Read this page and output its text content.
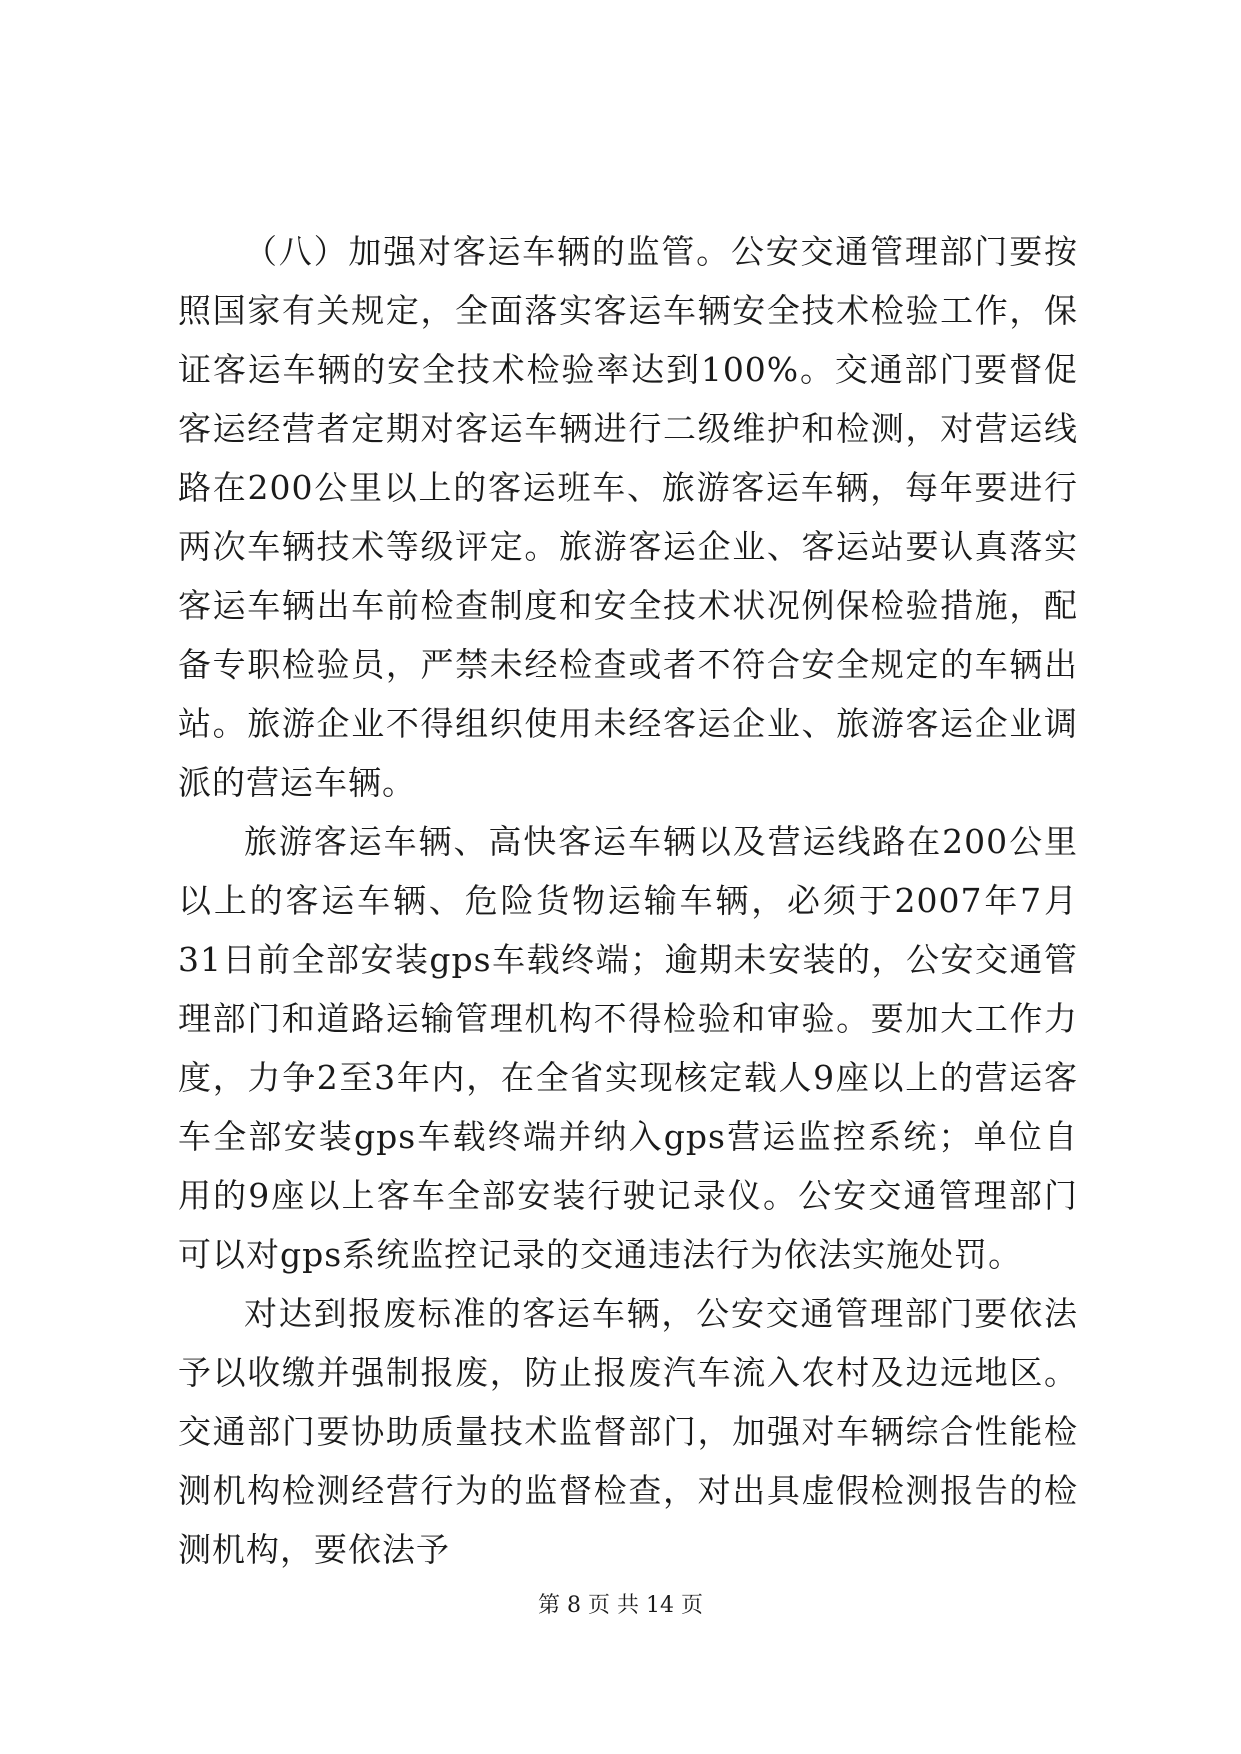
（八）加强对客运车辆的监管。公安交通管理部门要按照国家有关规定，全面落实客运车辆安全技术检验工作，保证客运车辆的安全技术检验率达到100%。交通部门要督促客运经营者定期对客运车辆进行二级维护和检测，对营运线路在200公里以上的客运班车、旅游客运车辆，每年要进行两次车辆技术等级评定。旅游客运企业、客运站要认真落实客运车辆出车前检查制度和安全技术状况例保检验措施，配备专职检验员，严禁未经检查或者不符合安全规定的车辆出站。旅游企业不得组织使用未经客运企业、旅游客运企业调派的营运车辆。

旅游客运车辆、高快客运车辆以及营运线路在200公里以上的客运车辆、危险货物运输车辆，必须于2007年7月31日前全部安装gps车载终端；逾期未安装的，公安交通管理部门和道路运输管理机构不得检验和审验。要加大工作力度，力争2至3年内，在全省实现核定载人9座以上的营运客车全部安装gps车载终端并纳入gps营运监控系统；单位自用的9座以上客车全部安装行驶记录仪。公安交通管理部门可以对gps系统监控记录的交通违法行为依法实施处罚。

对达到报废标准的客运车辆，公安交通管理部门要依法予以收缴并强制报废，防止报废汽车流入农村及边远地区。交通部门要协助质量技术监督部门，加强对车辆综合性能检测机构检测经营行为的监督检查，对出具虚假检测报告的检测机构，要依法予

第 8 页 共 14 页
